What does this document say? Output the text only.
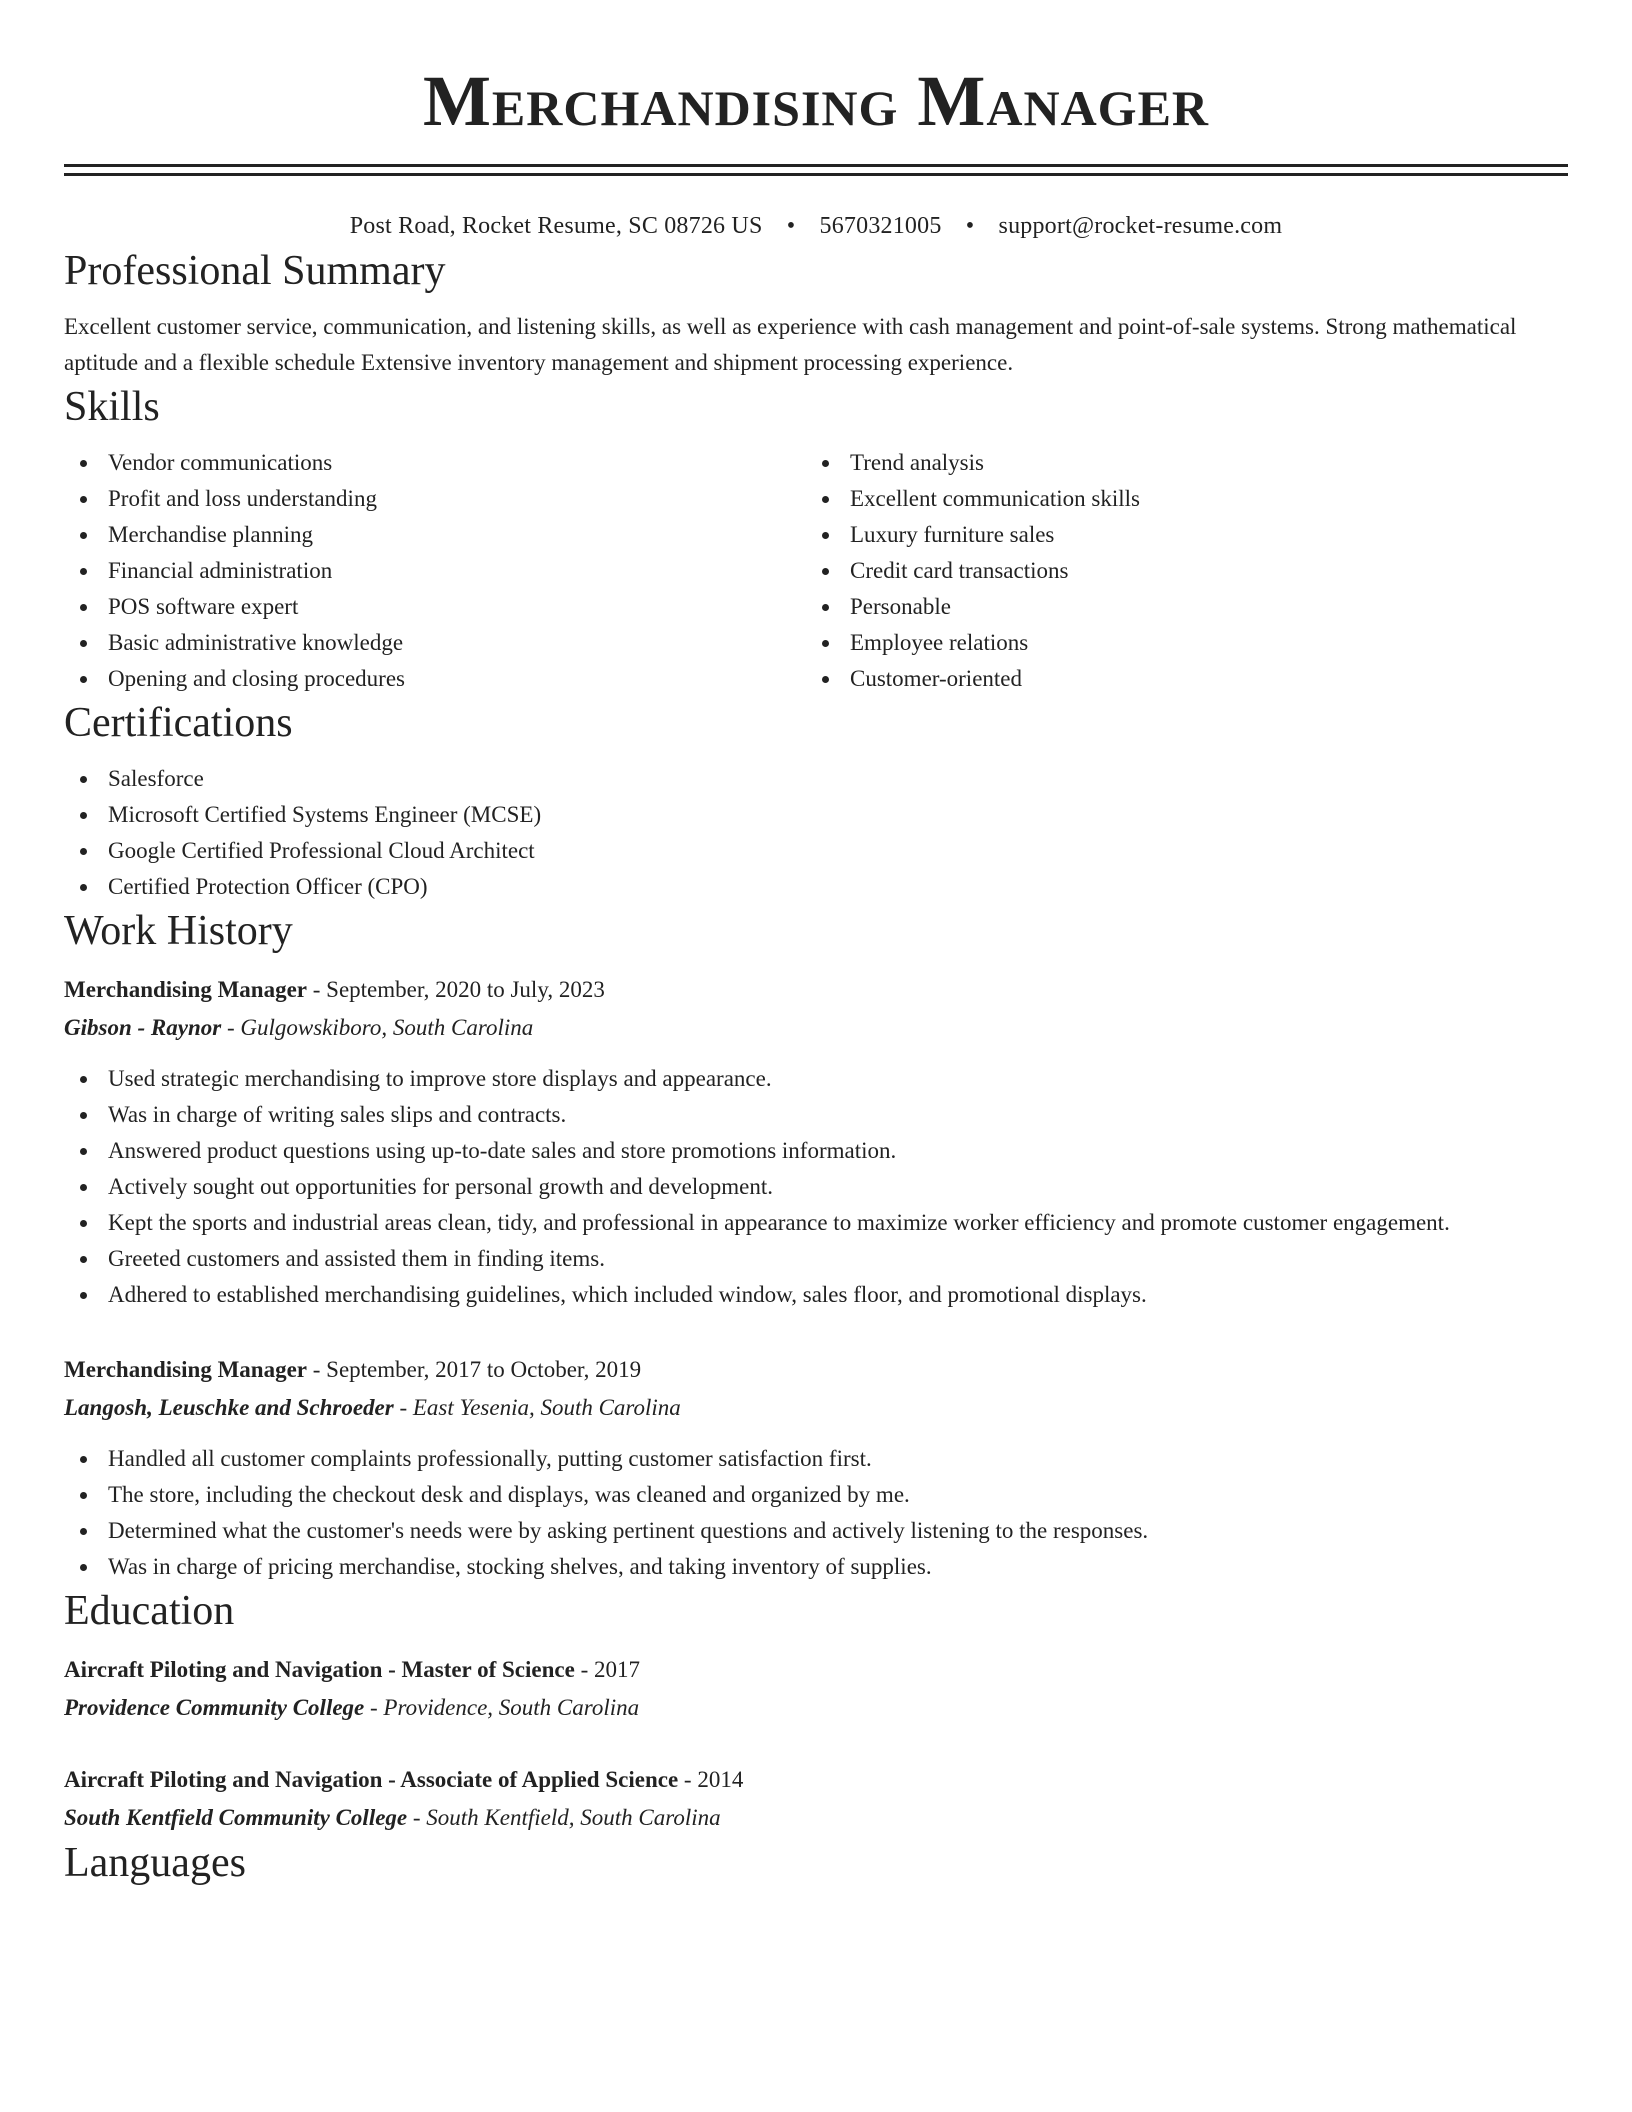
Merchandising Manager
Post Road, Rocket Resume, SC 08726 US • 5670321005 • support@rocket-resume.com
Professional Summary

Excellent customer service, communication, and listening skills, as well as experience with cash management and point-of-sale systems. Strong mathematical aptitude and a flexible schedule Extensive inventory management and shipment processing experience.

Skills
Vendor communications
Profit and loss understanding
Merchandise planning
Financial administration
POS software expert
Basic administrative knowledge
Opening and closing procedures
Trend analysis
Excellent communication skills
Luxury furniture sales
Credit card transactions
Personable
Employee relations
Customer-oriented
Certifications
Salesforce
Microsoft Certified Systems Engineer (MCSE)
Google Certified Professional Cloud Architect
Certified Protection Officer (CPO)
Work History
Merchandising Manager - September, 2020 to July, 2023
Gibson - Raynor - Gulgowskiboro, South Carolina
Used strategic merchandising to improve store displays and appearance.
Was in charge of writing sales slips and contracts.
Answered product questions using up-to-date sales and store promotions information.
Actively sought out opportunities for personal growth and development.
Kept the sports and industrial areas clean, tidy, and professional in appearance to maximize worker efficiency and promote customer engagement.
Greeted customers and assisted them in finding items.
Adhered to established merchandising guidelines, which included window, sales floor, and promotional displays.
Merchandising Manager - September, 2017 to October, 2019
Langosh, Leuschke and Schroeder - East Yesenia, South Carolina
Handled all customer complaints professionally, putting customer satisfaction first.
The store, including the checkout desk and displays, was cleaned and organized by me.
Determined what the customer's needs were by asking pertinent questions and actively listening to the responses.
Was in charge of pricing merchandise, stocking shelves, and taking inventory of supplies.
Education
Aircraft Piloting and Navigation - Master of Science - 2017
Providence Community College - Providence, South Carolina
Aircraft Piloting and Navigation - Associate of Applied Science - 2014
South Kentfield Community College - South Kentfield, South Carolina
Languages
